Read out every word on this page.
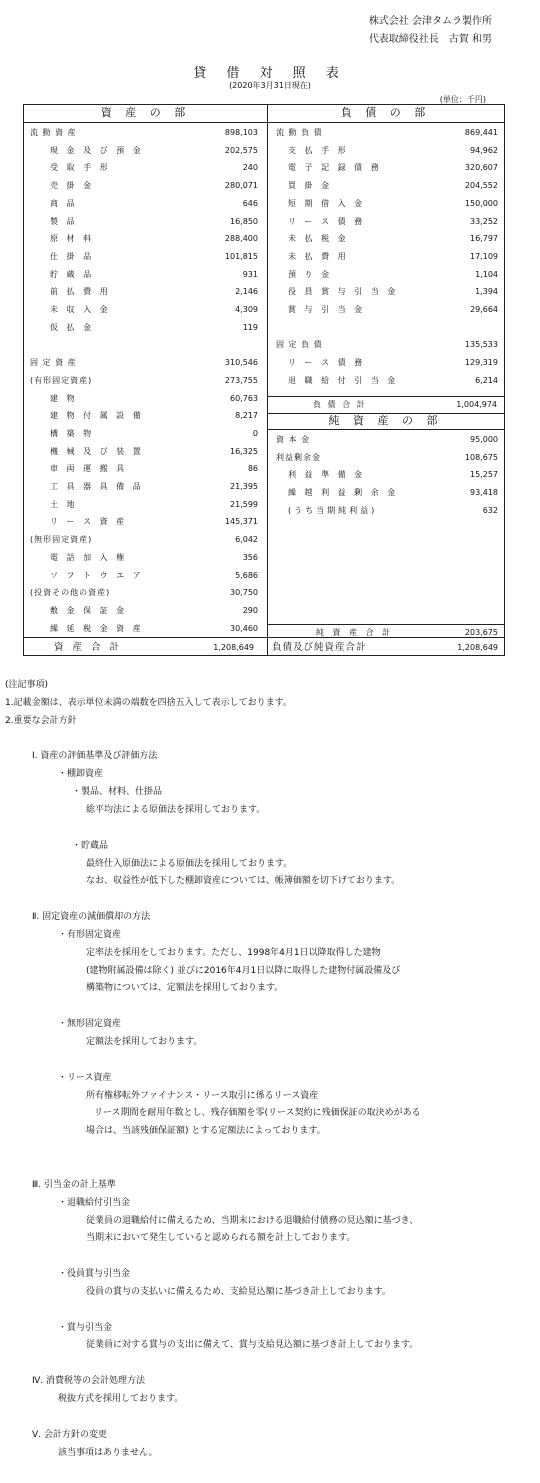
株式会社 会津タムラ製作所
代表取締役社長　古賀 和男
貸 借 対 照 表
(2020年3月31日現在)
(単位：千円)
資 産 の 部	負 債 の 部
流 動 資 産	898,103
現 金 及 び 預 金	202,575
受 取 手 形	240
売 掛 金	280,071
商 品	646
製 品	16,850
原 材 料	288,400
仕 掛 品	101,815
貯 蔵 品	931
前 払 費 用	2,146
未 収 入 金	4,309
仮 払 金	119
固 定 資 産	310,546
(有形固定資産)	273,755
建 物	60,763
建 物 付 属 設 備	8,217
構 築 物	0
機 械 及 び 装 置	16,325
車 両 運 搬 具	86
工 具 器 具 備 品	21,395
土 地	21,599
リ ー ス 資 産	145,371
(無形固定資産)	6,042
電 話 加 入 権	356
ソ フ ト ウ エ ア	5,686
(投資その他の資産)	30,750
敷 金 保 証 金	290
繰 延 税 金 資 産	30,460
流 動 負 債	869,441
支 払 手 形	94,962
電 子 記 録 債 務	320,607
買 掛 金	204,552
短 期 借 入 金	150,000
リ ー ス 債 務	33,252
未 払 税 金	16,797
未 払 費 用	17,109
預 り 金	1,104
役 員 賞 与 引 当 金	1,394
賞 与 引 当 金	29,664
固 定 負 債	135,533
リ ー ス 債 務	129,319
退 職 給 付 引 当 金	6,214
負 債 合 計	1,004,974
純 資 産 の 部
資 本 金	95,000
利益剰余金	108,675
利 益 準 備 金	15,257
繰 越 利 益 剰 余 金	93,418
(うち当期純利益)	632
純 資 産 合 計	203,675
資 産 合 計	1,208,649 負債及び純資産合計	1,208,649
(注記事項)
1.記載金額は、表示単位未満の端数を四捨五入して表示しております。
2.重要な会計方針
Ⅰ. 資産の評価基準及び評価方法
・棚卸資産
・製品、材料、仕掛品
総平均法による原価法を採用しております。
・貯蔵品
最終仕入原価法による原価法を採用しております。
なお、収益性が低下した棚卸資産については、帳簿価額を切下げております。
Ⅱ. 固定資産の減価償却の方法
・有形固定資産
定率法を採用をしております。ただし、1998年4月1日以降取得した建物
(建物附属設備は除く) 並びに2016年4月1日以降に取得した建物付属設備及び
構築物については、定額法を採用しております。
・無形固定資産
定額法を採用しております。
・リース資産
所有権移転外ファイナンス・リース取引に係るリース資産
リース期間を耐用年数とし、残存価額を零(リース契約に残価保証の取決めがある
場合は、当該残価保証額) とする定額法によっております。
Ⅲ. 引当金の計上基準
・退職給付引当金
従業員の退職給付に備えるため、当期末における退職給付債務の見込額に基づき、
当期末において発生していると認められる額を計上しております。
・役員賞与引当金
役員の賞与の支払いに備えるため、支給見込額に基づき計上しております。
・賞与引当金
従業員に対する賞与の支出に備えて、賞与支給見込額に基づき計上しております。
Ⅳ. 消費税等の会計処理方法
税抜方式を採用しております。
Ⅴ. 会計方針の変更
該当事項はありません。
